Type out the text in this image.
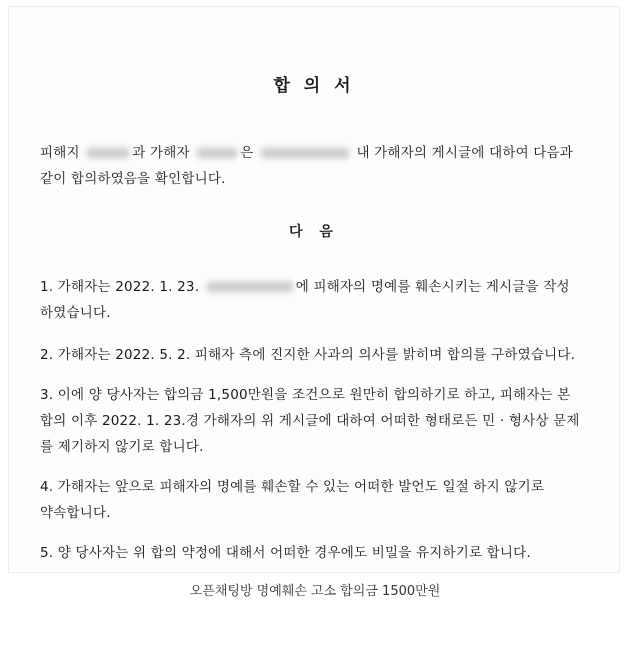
합 의 서
피해지	과 가해자	은	내 가해자의 게시글에 대하여 다음과
같이 합의하였음을 확인합니다.
다 음
1. 가해자는 2022. 1. 23.	에 피해자의 명예를 훼손시키는 게시글을 작성
하였습니다.
2. 가해자는 2022. 5. 2. 피해자 측에 진지한 사과의 의사를 밝히며 합의를 구하였습니다.
3. 이에 양 당사자는 합의금 1,500만원을 조건으로 원만히 합의하기로 하고, 피해자는 본
합의 이후 2022. 1. 23.경 가해자의 위 게시글에 대하여 어떠한 형태로든 민 · 형사상 문제
를 제기하지 않기로 합니다.
4. 가해자는 앞으로 피해자의 명예를 훼손할 수 있는 어떠한 발언도 일절 하지 않기로
약속합니다.
5. 양 당사자는 위 합의 약정에 대해서 어떠한 경우에도 비밀을 유지하기로 합니다.
오픈채팅방 명예훼손 고소 합의금 1500만원
